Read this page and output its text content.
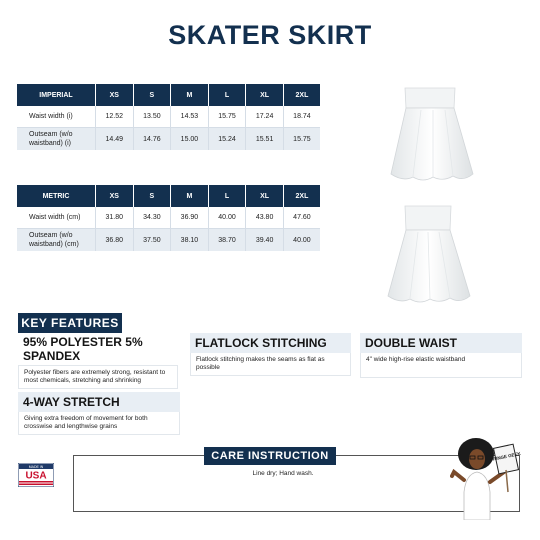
SKATER SKIRT
IMPERIAL	XS	S	M	L	XL	2XL
Waist width (i)	12.52	13.50	14.53	15.75	17.24	18.74
Outseam (w/o waistband) (i)	14.49	14.76	15.00	15.24	15.51	15.75
METRIC	XS	S	M	L	XL	2XL
Waist width (cm)	31.80	34.30	36.90	40.00	43.80	47.60
Outseam (w/o waistband) (cm)	36.80	37.50	38.10	38.70	39.40	40.00
KEY FEATURES
95% POLYESTER 5% SPANDEX
Polyester fibers are extremely strong, resistant to most chemicals, stretching and shrinking
FLATLOCK STITCHING
Flatlock stitching makes the seams as flat as possible
DOUBLE WAIST
4" wide high-rise elastic waistband
4-WAY STRETCH
Giving extra freedom of movement for both crosswise and lengthwise grains
CARE INSTRUCTION
Line dry; Hand wash.
MADE IN
USA
FRINGE GEEK
